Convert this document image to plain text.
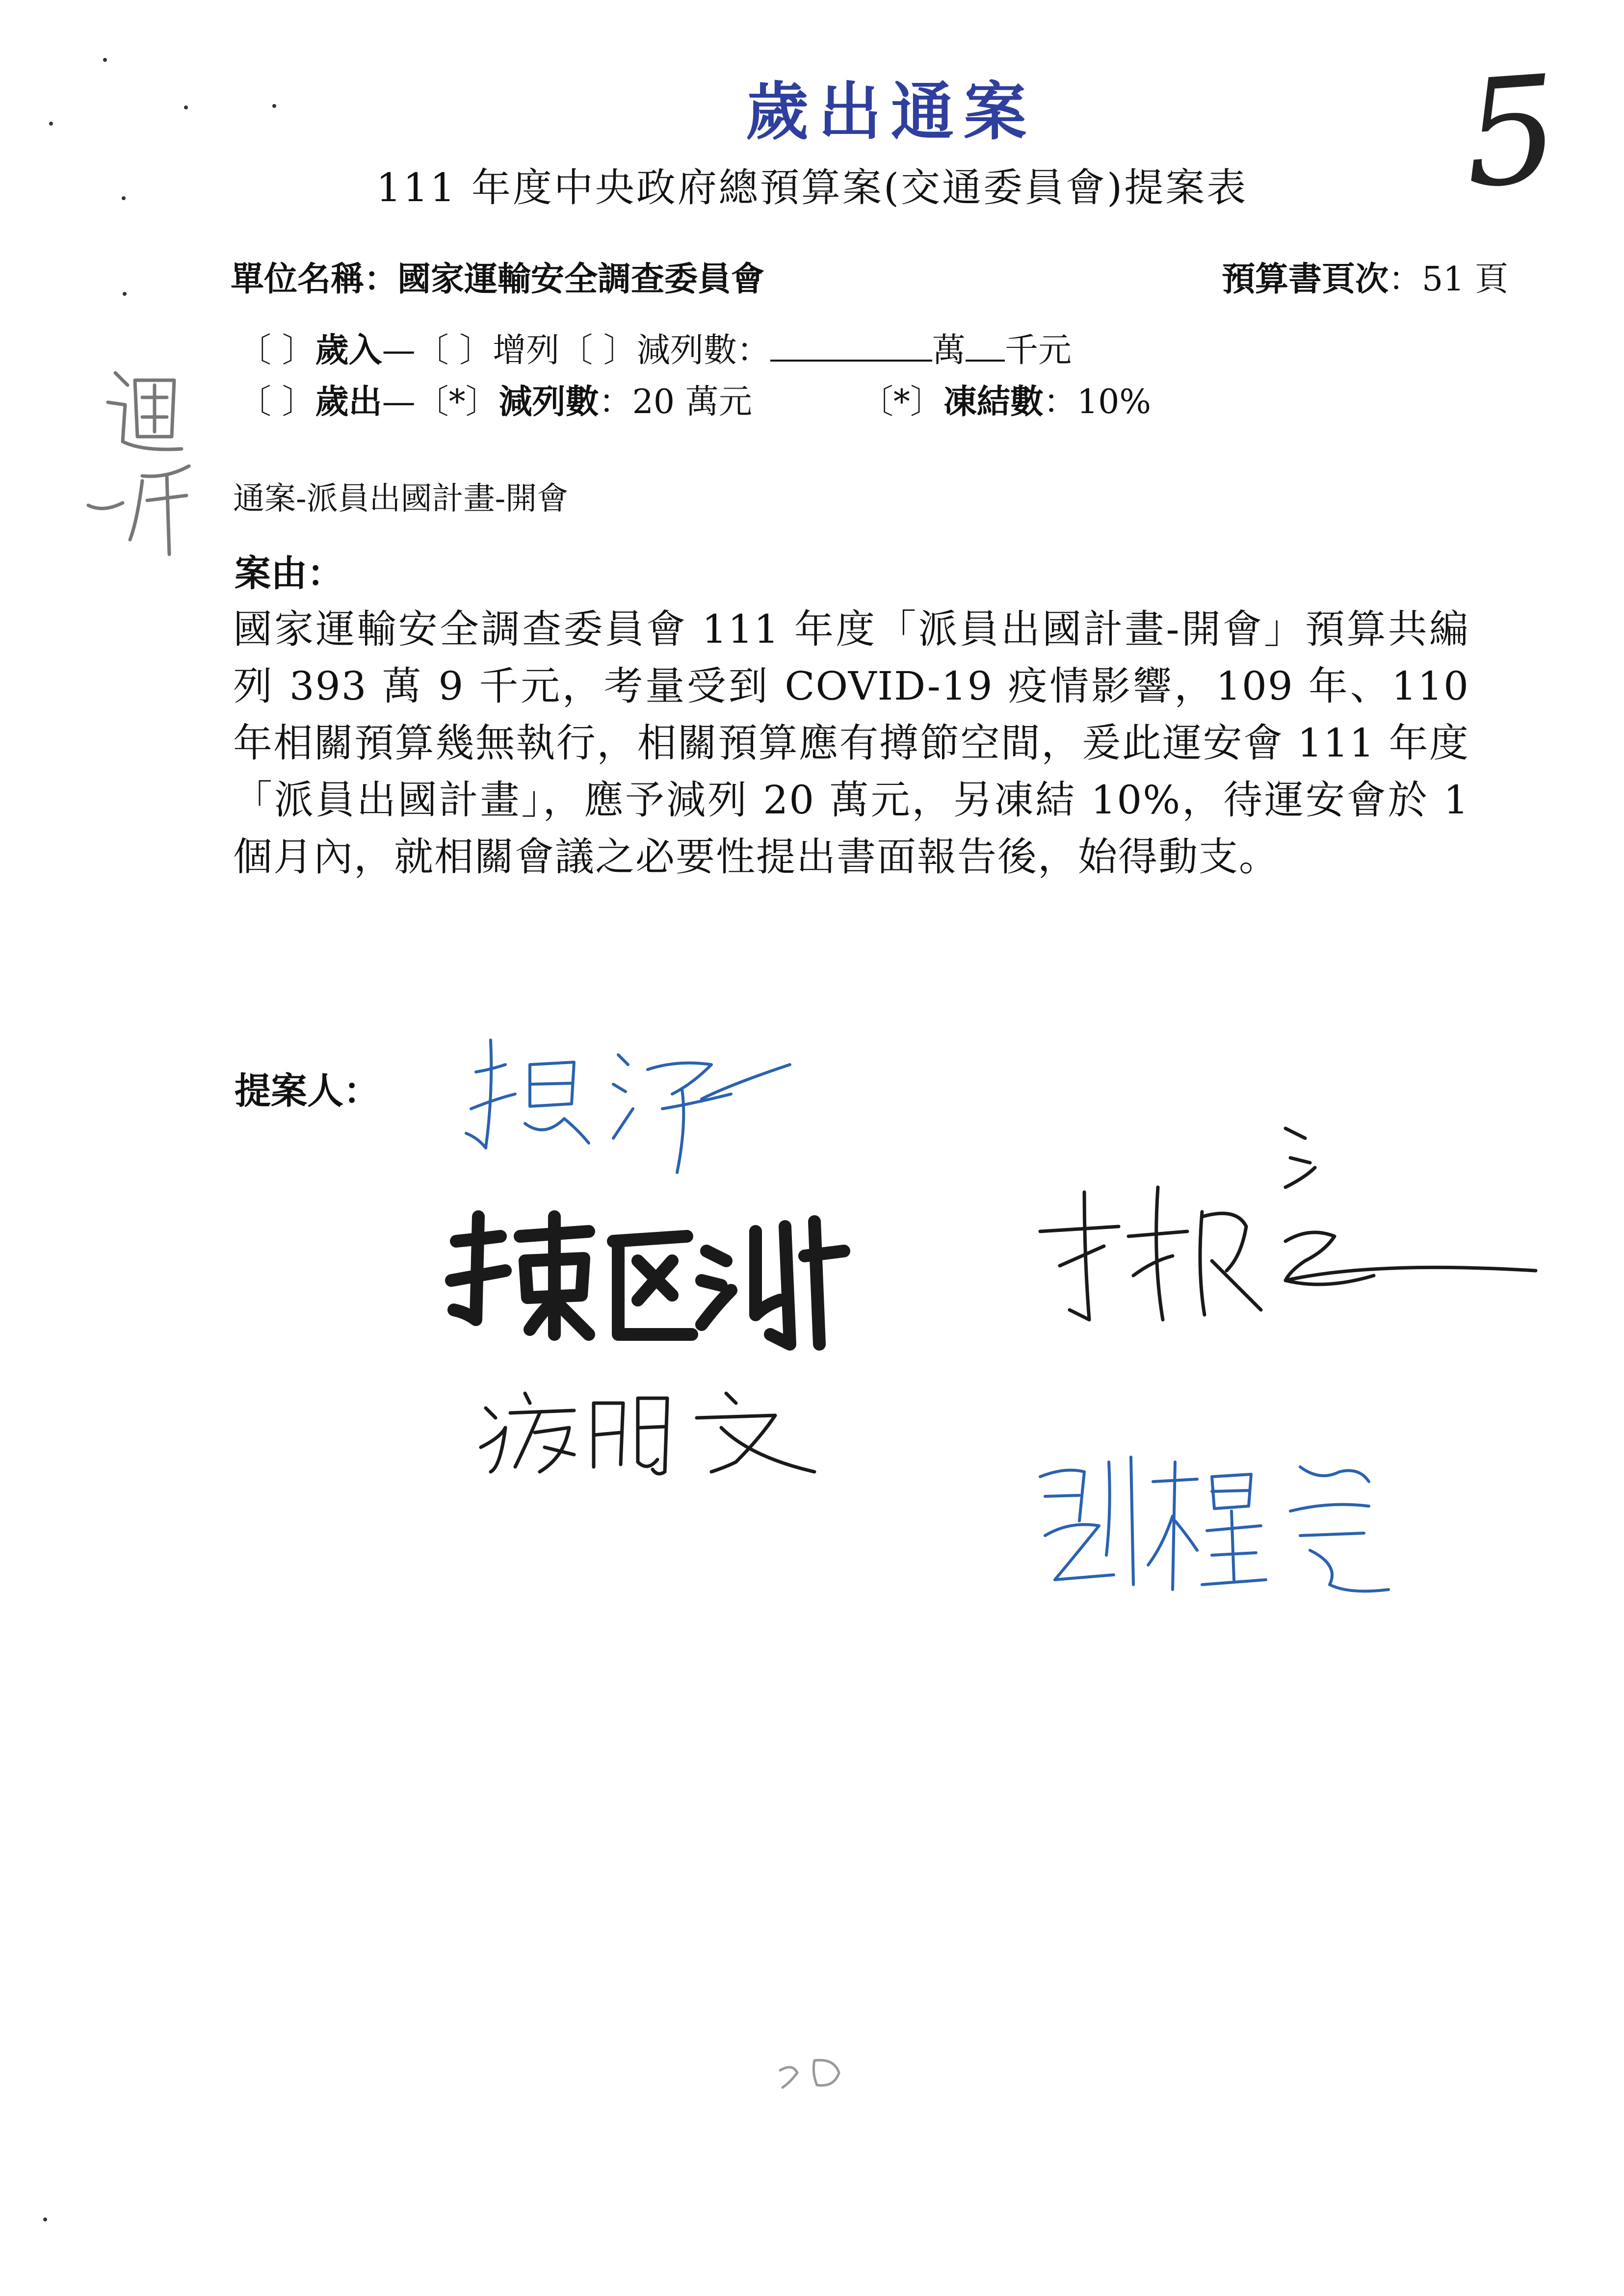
歲出通案	5
111 年度中央政府總預算案(交通委員會)提案表
單位名稱：國家運輸安全調查委員會	預算書頁次：51 頁
〔 〕歲入—〔 〕增列〔 〕減列數：	萬 千元
〔 〕歲出—〔*〕減列數：20 萬元	〔*〕凍結數：10%
通案-派員出國計畫-開會
案由：
國家運輸安全調查委員會 111 年度「派員出國計畫-開會」預算共編列 393 萬 9 千元，考量受到 COVID-19 疫情影響，109 年、110 年相關預算幾無執行，相關預算應有撙節空間，爰此運安會 111 年度「派員出國計畫」，應予減列 20 萬元，另凍結 10%，待運安會於 1 個月內，就相關會議之必要性提出書面報告後，始得動支。
提案人：
